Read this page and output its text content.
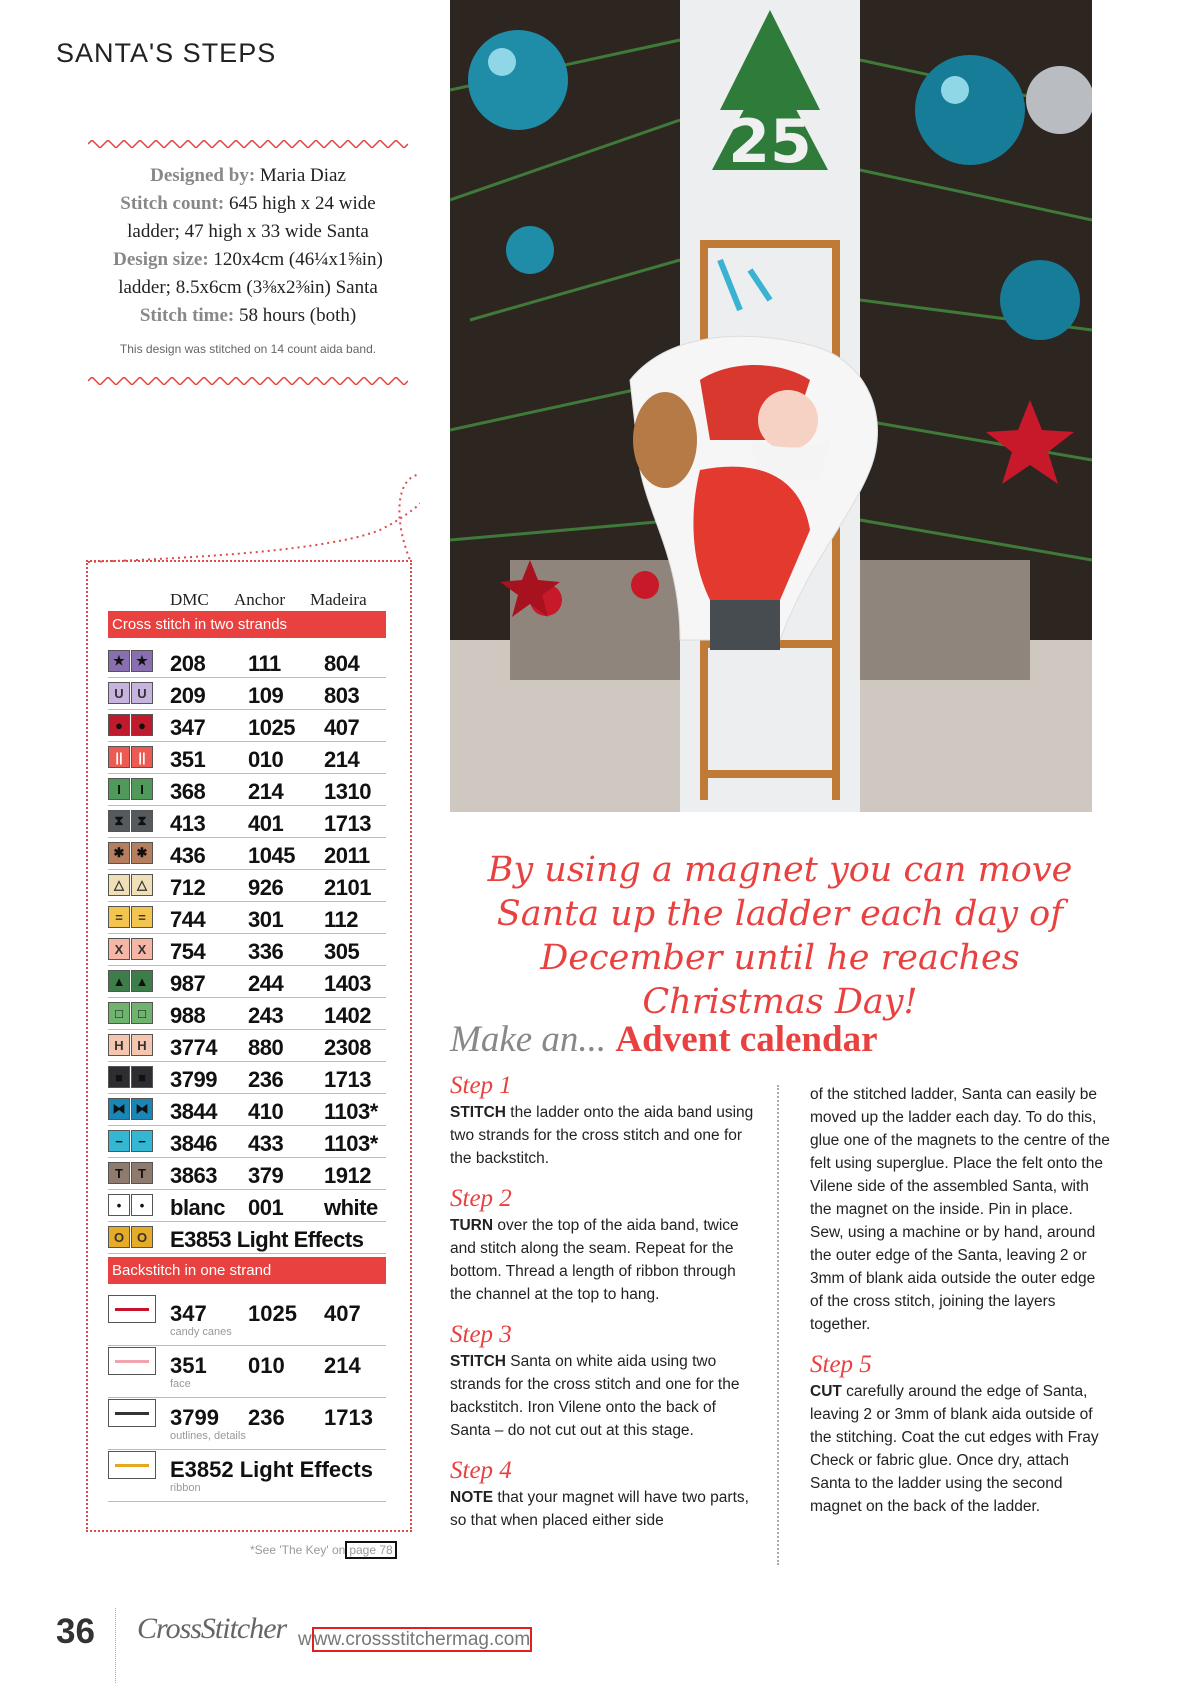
SANTA'S STEPS
Designed by: Maria Diaz
Stitch count: 645 high x 24 wide
ladder; 47 high x 33 wide Santa
Design size: 120x4cm (46¼x1⅝in)
ladder; 8.5x6cm (3⅜x2⅜in) Santa
Stitch time: 58 hours (both)
This design was stitched on 14 count aida band.
DMC Anchor Madeira
Cross stitch in two strands
★ ★ 208 111 804
U	U 209 109 803
●	●	347 1025 407
||	||	351 010 214
I	I	368 214 1310
⧗	⧗ 413 401 1713
✱ ✱ 436 1045 2011
△	△ 712 926 2101
=	=	744 301 112
X	X	754 336 305
▲ ▲ 987 244 1403
□	□	988 243 1402
H	H 3774 880 2308
■	■	3799 236 1713
⧓ ⧓ 3844 410 1103*
−	−	3846 433 1103*
T	T	3863 379 1912
•	•	blanc 001 white
O O E3853 Light Effects
Backstitch in one strand
347 1025 407
candy canes
351 010 214
face
3799 236 1713
outlines, details
E3852 Light Effects
ribbon
*See 'The Key' on page 78
25
By using a magnet you can move Santa up the ladder each day of December until he reaches Christmas Day!
Make an... Advent calendar
Step 1

STITCH the ladder onto the aida band using two strands for the cross stitch and one for the backstitch.

Step 2

TURN over the top of the aida band, twice and stitch along the seam. Repeat for the bottom. Thread a length of ribbon through the channel at the top to hang.

Step 3

STITCH Santa on white aida using two strands for the cross stitch and one for the backstitch. Iron Vilene onto the back of Santa – do not cut out at this stage.

Step 4

NOTE that your magnet will have two parts, so that when placed either side

of the stitched ladder, Santa can easily be moved up the ladder each day. To do this, glue one of the magnets to the centre of the felt using superglue. Place the felt onto the Vilene side of the assembled Santa, with the magnet on the inside. Pin in place. Sew, using a machine or by hand, around the outer edge of the Santa, leaving 2 or 3mm of blank aida outside the outer edge of the cross stitch, joining the layers together.

Step 5

CUT carefully around the edge of Santa, leaving 2 or 3mm of blank aida outside of the stitching. Coat the cut edges with Fray Check or fabric glue. Once dry, attach Santa to the ladder using the second magnet on the back of the ladder.

36 CrossStitcher w ww.crossstitchermag.com
